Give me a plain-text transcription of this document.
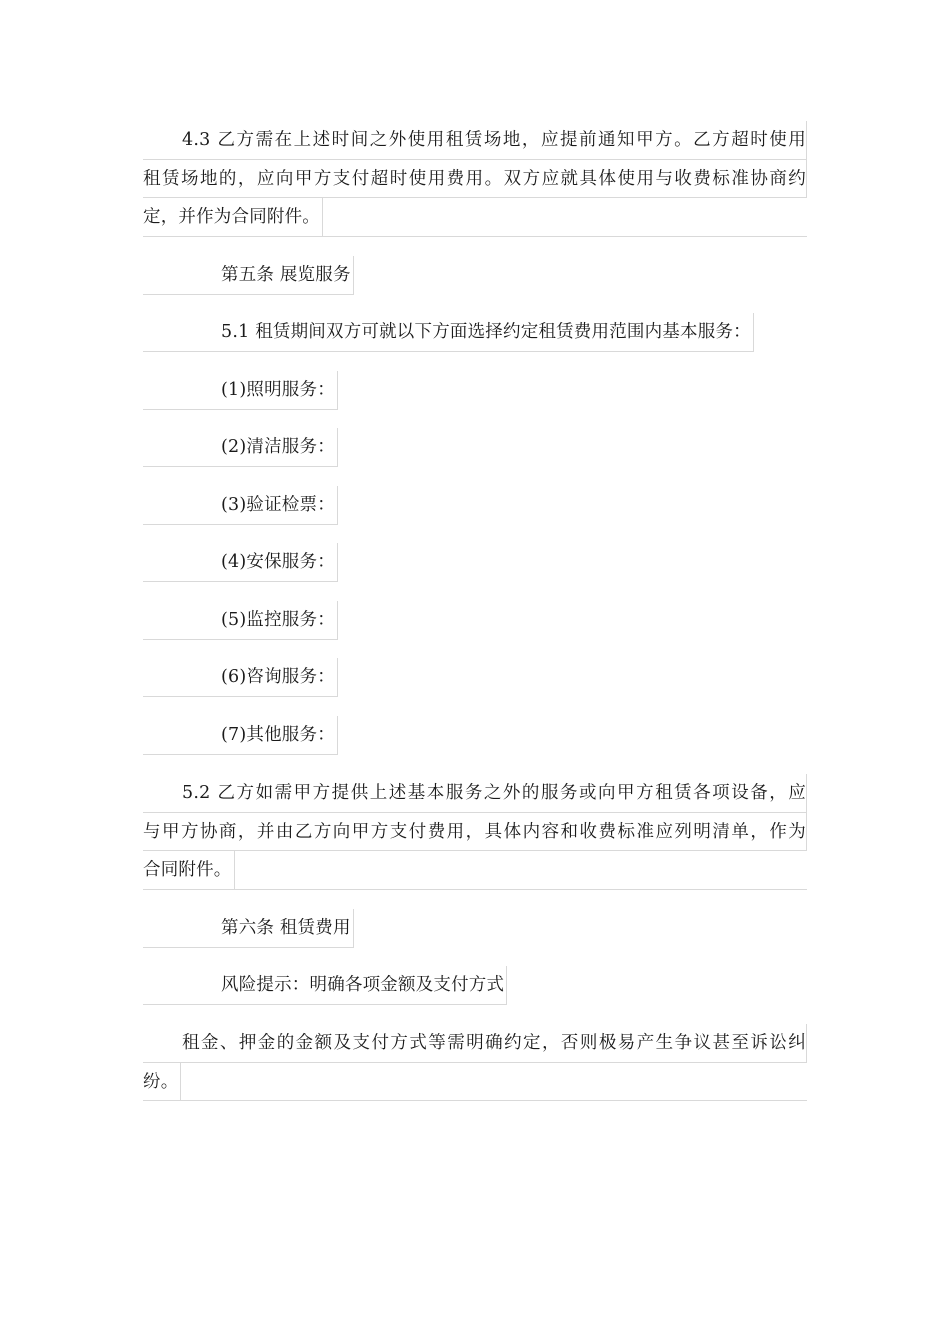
4.3 乙方需在上述时间之外使用租赁场地，应提前通知甲方。乙方超时使用
租赁场地的，应向甲方支付超时使用费用。双方应就具体使用与收费标准协商约
定，并作为合同附件。
第五条 展览服务
5.1 租赁期间双方可就以下方面选择约定租赁费用范围内基本服务：
(1)照明服务：
(2)清洁服务：
(3)验证检票：
(4)安保服务：
(5)监控服务：
(6)咨询服务：
(7)其他服务：
5.2 乙方如需甲方提供上述基本服务之外的服务或向甲方租赁各项设备，应
与甲方协商，并由乙方向甲方支付费用，具体内容和收费标准应列明清单，作为
合同附件。
第六条 租赁费用
风险提示：明确各项金额及支付方式
租金、押金的金额及支付方式等需明确约定，否则极易产生争议甚至诉讼纠
纷。
